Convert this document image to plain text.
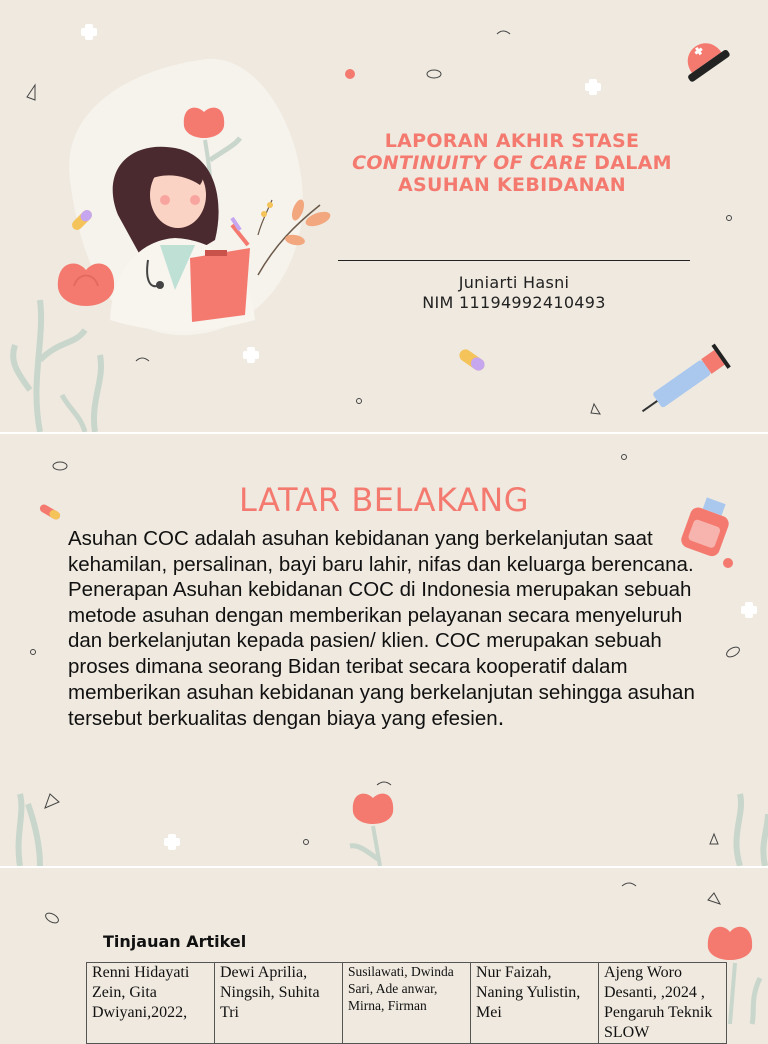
LAPORAN AKHIR STASE
CONTINUITY OF CARE DALAM
ASUHAN KEBIDANAN
Juniarti Hasni
NIM 11194992410493
LATAR BELAKANG
Asuhan COC adalah asuhan kebidanan yang berkelanjutan saat kehamilan, persalinan, bayi baru lahir, nifas dan keluarga berencana. Penerapan Asuhan kebidanan COC di Indonesia merupakan sebuah metode asuhan dengan memberikan pelayanan secara menyeluruh dan berkelanjutan kepada pasien/ klien. COC merupakan sebuah proses dimana seorang Bidan teribat secara kooperatif dalam memberikan asuhan kebidanan yang berkelanjutan sehingga asuhan tersebut berkualitas dengan biaya yang efesien.
Tinjauan Artikel
Renni Hidayati Zein, Gita Dwiyani,2022,	Dewi Aprilia, Ningsih, Suhita Tri	Susilawati, Dwinda Sari, Ade anwar, Mirna, Firman	Nur Faizah, Naning Yulistin, Mei	Ajeng Woro Desanti, ,2024 , Pengaruh Teknik SLOW
